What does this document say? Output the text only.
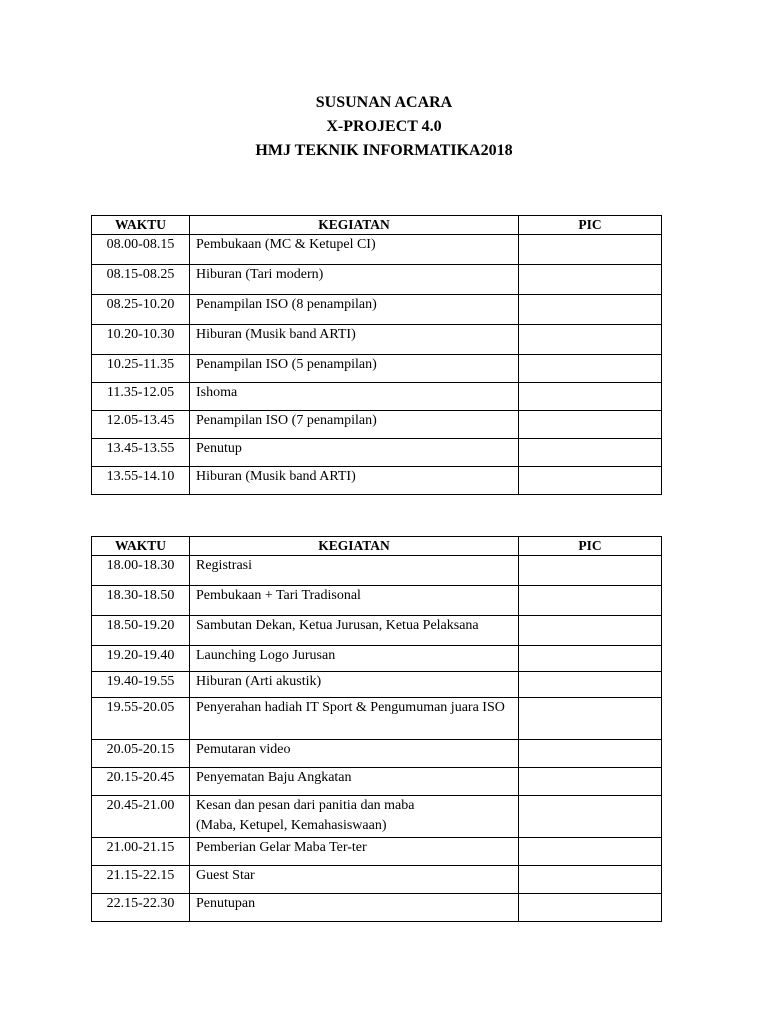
SUSUNAN ACARA
X-PROJECT 4.0
HMJ TEKNIK INFORMATIKA2018
WAKTU	KEGIATAN	PIC
08.00-08.15	Pembukaan (MC & Ketupel CI)	
08.15-08.25	Hiburan (Tari modern)	
08.25-10.20	Penampilan ISO (8 penampilan)	
10.20-10.30	Hiburan (Musik band ARTI)	
10.25-11.35	Penampilan ISO (5 penampilan)	
11.35-12.05	Ishoma	
12.05-13.45	Penampilan ISO (7 penampilan)	
13.45-13.55	Penutup	
13.55-14.10	Hiburan (Musik band ARTI)	
WAKTU	KEGIATAN	PIC
18.00-18.30	Registrasi	
18.30-18.50	Pembukaan + Tari Tradisonal	
18.50-19.20	Sambutan Dekan, Ketua Jurusan, Ketua Pelaksana	
19.20-19.40	Launching Logo Jurusan	
19.40-19.55	Hiburan (Arti akustik)	
19.55-20.05	Penyerahan hadiah IT Sport & Pengumuman juara ISO	
20.05-20.15	Pemutaran video	
20.15-20.45	Penyematan Baju Angkatan	
20.45-21.00	Kesan dan pesan dari panitia dan maba
(Maba, Ketupel, Kemahasiswaan)	
21.00-21.15	Pemberian Gelar Maba Ter-ter	
21.15-22.15	Guest Star	
22.15-22.30	Penutupan	
